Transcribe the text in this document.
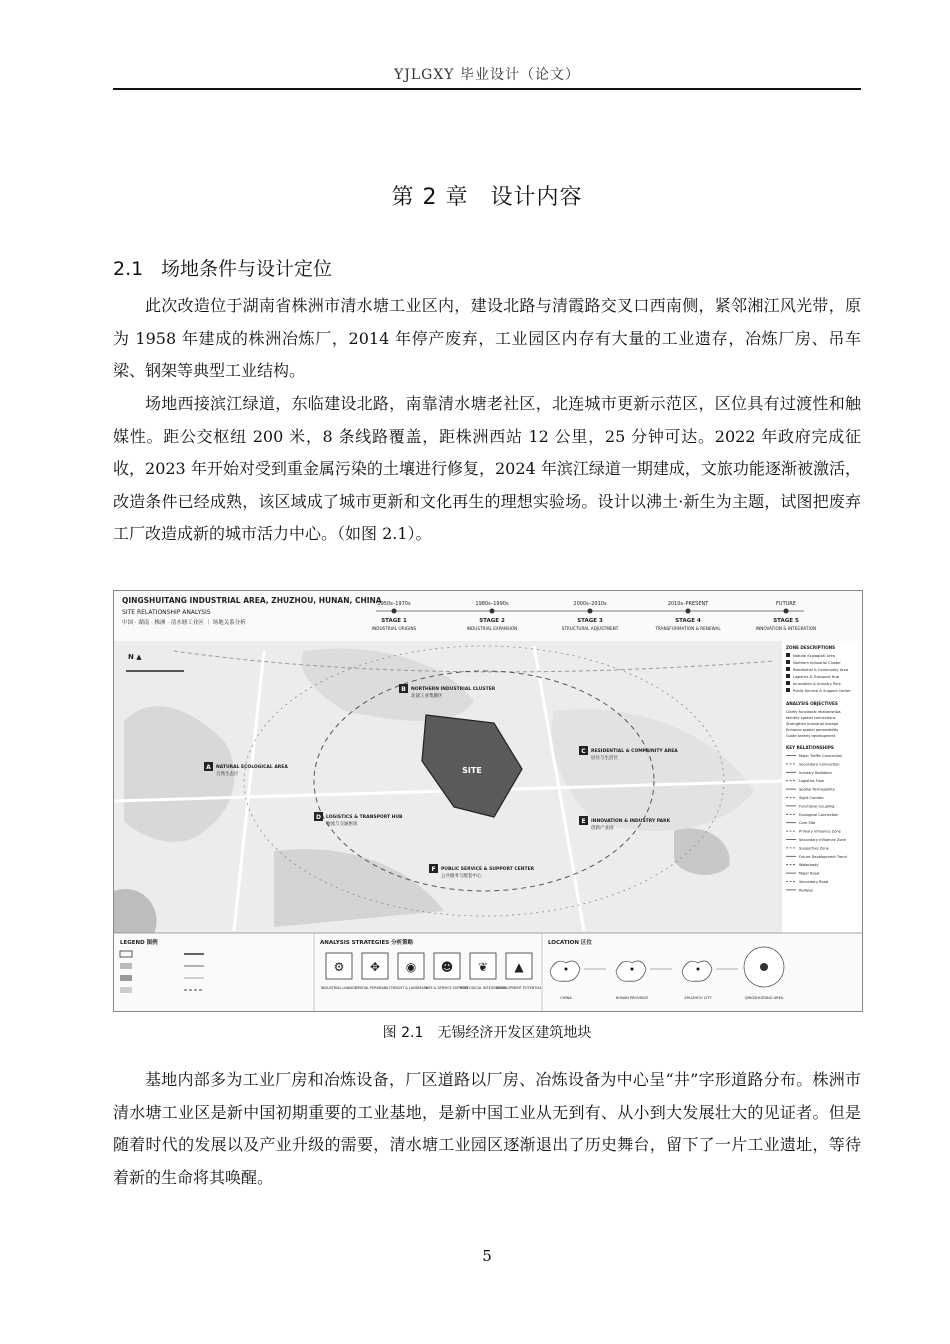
YJLGXY 毕业设计（论文）
第 2 章 设计内容
2.1 场地条件与设计定位

此次改造位于湖南省株洲市清水塘工业区内，建设北路与清霞路交叉口西南侧，紧邻湘江风光带，原为 1958 年建成的株洲冶炼厂，2014 年停产废弃，工业园区内存有大量的工业遗存，冶炼厂房、吊车梁、钢架等典型工业结构。

场地西接滨江绿道，东临建设北路，南靠清水塘老社区，北连城市更新示范区，区位具有过渡性和触媒性。距公交枢纽 200 米，8 条线路覆盖，距株洲西站 12 公里，25 分钟可达。2022 年政府完成征收，2023 年开始对受到重金属污染的土壤进行修复，2024 年滨江绿道一期建成，文旅功能逐渐被激活，改造条件已经成熟，该区域成了城市更新和文化再生的理想实验场。设计以沸土·新生为主题，试图把废弃工厂改造成新的城市活力中心。（如图 2.1）。

QINGSHUITANG INDUSTRIAL AREA, ZHUZHOU, HUNAN, CHINA
SITE RELATIONSHIP ANALYSIS
中国 · 湖南 · 株洲 · 清水塘工业区 ｜ 场地关系分析
1950s–1970s
STAGE 1
INDUSTRIAL ORIGINS
1980s–1990s
STAGE 2
INDUSTRIAL EXPANSION
2000s–2010s
STAGE 3
STRUCTURAL ADJUSTMENT
2010s–PRESENT
STAGE 4
TRANSFORMATION & RENEWAL
FUTURE
STAGE 5
INNOVATION & INTEGRATION
SITE
A NATURAL ECOLOGICAL AREA
自然生态区
B NORTHERN INDUSTRIAL CLUSTER
北部工业集聚区
C RESIDENTIAL & COMMUNITY AREA
居住与生活区
D LOGISTICS & TRANSPORT HUB
物流与交通枢纽	E INNOVATION & INDUSTRY PARK
创新产业园
F PUBLIC SERVICE & SUPPORT CENTER
公共服务与配套中心
N ▲
ZONE DESCRIPTIONS
Natural Ecological Area
Northern Industrial Cluster
Residential & Community Area
Logistics & Transport Hub
Innovation & Industry Park
Public Service & Support Center
ANALYSIS OBJECTIVES
Clarify functional relationships
Identify spatial connections
Strengthen industrial linkage
Enhance spatial permeability
Guide orderly development
KEY RELATIONSHIPS
Major Traffic Connection
Secondary Connection
Industry Radiation
Logistics Flow
Spatial Permeability
Sight Corridor
Functional Coupling
Ecological Connection
Core Site
Primary Influence Zone
Secondary Influence Zone
Supportive Zone
Future Development Trend
Waterbody
Major Road
Secondary Road
Railway
LEGEND 图例	ANALYSIS STRATEGIES 分析策略
⚙
INDUSTRIAL LINKAGE
✥
SPATIAL PERMEABILITY
◉
SIGHT & LANDMARK
☻
LIFE & SERVICE SUPPORT
❦
ECOLOGICAL INTEGRATION
▲
DEVELOPMENT POTENTIAL
LOCATION 区位
CHINA	HUNAN PROVINCE	ZHUZHOU CITY	QINGSHUITANG AREA
图 2.1 无锡经济开发区建筑地块

基地内部多为工业厂房和冶炼设备，厂区道路以厂房、冶炼设备为中心呈“井”字形道路分布。株洲市清水塘工业区是新中国初期重要的工业基地，是新中国工业从无到有、从小到大发展壮大的见证者。但是随着时代的发展以及产业升级的需要，清水塘工业园区逐渐退出了历史舞台，留下了一片工业遗址，等待着新的生命将其唤醒。

5
